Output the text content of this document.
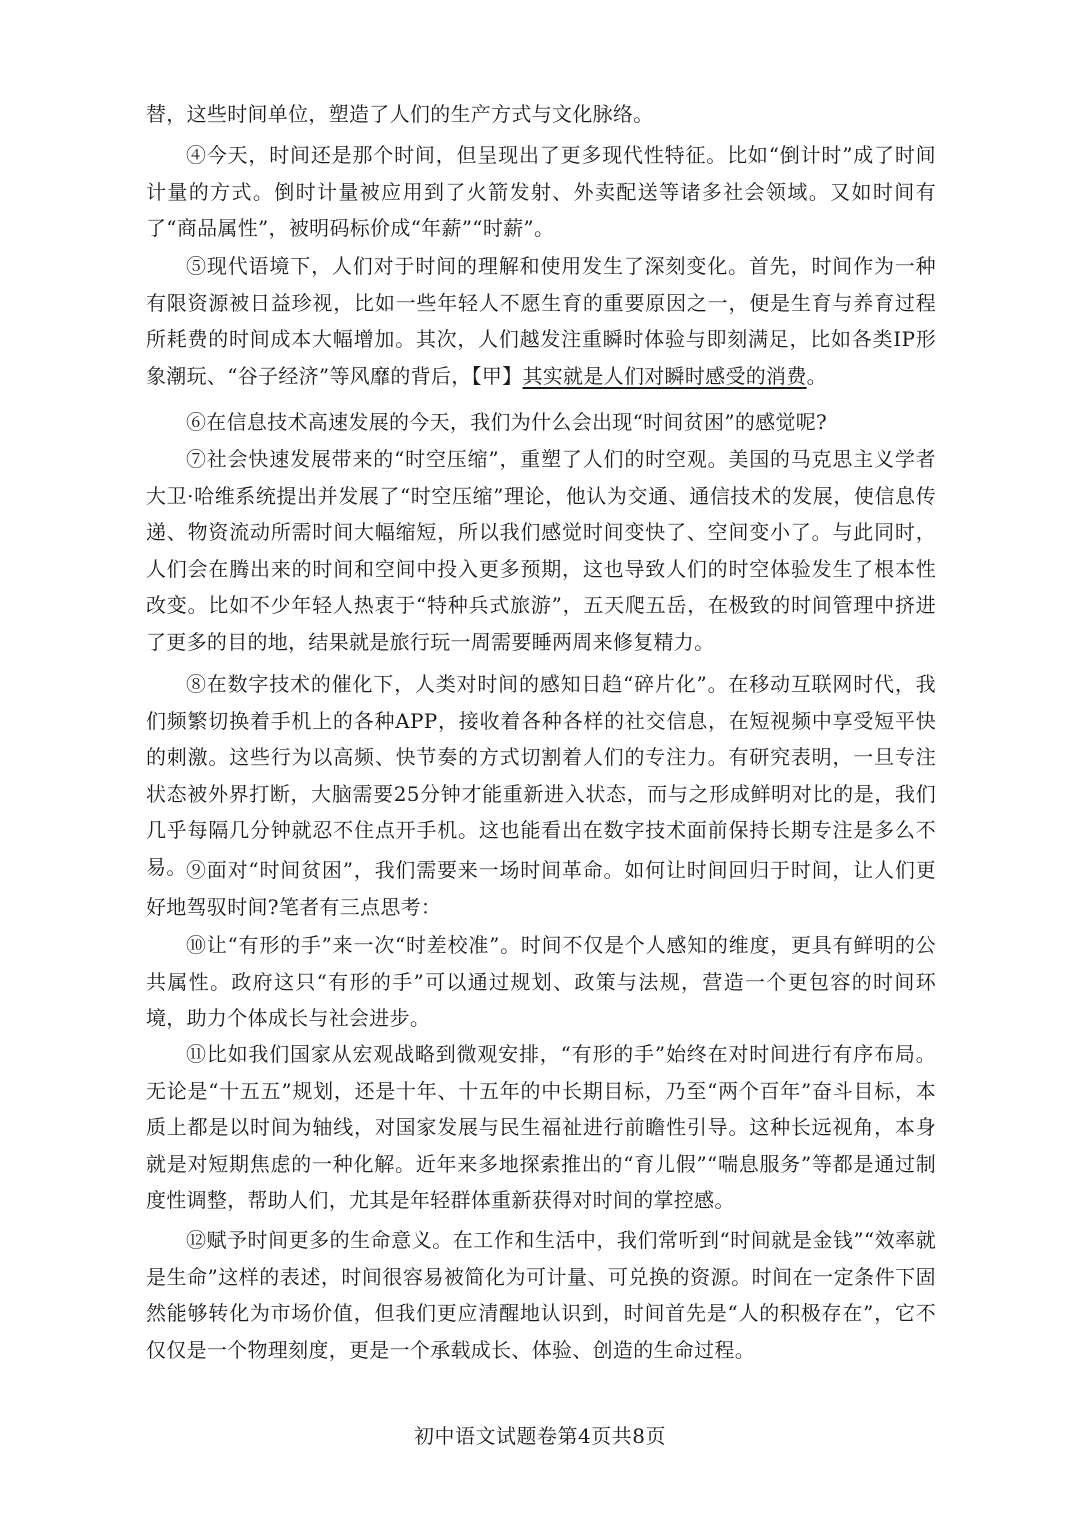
替，这些时间单位，塑造了人们的生产方式与文化脉络。

④今天，时间还是那个时间，但呈现出了更多现代性特征。比如“倒计时”成了时间计量的方式。倒时计量被应用到了火箭发射、外卖配送等诸多社会领域。又如时间有了“商品属性”，被明码标价成“年薪”“时薪”。

⑤现代语境下，人们对于时间的理解和使用发生了深刻变化。首先，时间作为一种有限资源被日益珍视，比如一些年轻人不愿生育的重要原因之一，便是生育与养育过程所耗费的时间成本大幅增加。其次，人们越发注重瞬时体验与即刻满足，比如各类IP形象潮玩、“谷子经济”等风靡的背后，【甲】其实就是人们对瞬时感受的消费。

⑥在信息技术高速发展的今天，我们为什么会出现“时间贫困”的感觉呢?

⑦社会快速发展带来的“时空压缩”，重塑了人们的时空观。美国的马克思主义学者大卫·哈维系统提出并发展了“时空压缩”理论，他认为交通、通信技术的发展，使信息传递、物资流动所需时间大幅缩短，所以我们感觉时间变快了、空间变小了。与此同时，人们会在腾出来的时间和空间中投入更多预期，这也导致人们的时空体验发生了根本性改变。比如不少年轻人热衷于“特种兵式旅游”，五天爬五岳，在极致的时间管理中挤进了更多的目的地，结果就是旅行玩一周需要睡两周来修复精力。

⑧在数字技术的催化下，人类对时间的感知日趋“碎片化”。在移动互联网时代，我们频繁切换着手机上的各种APP，接收着各种各样的社交信息，在短视频中享受短平快的刺激。这些行为以高频、快节奏的方式切割着人们的专注力。有研究表明，一旦专注状态被外界打断，大脑需要25分钟才能重新进入状态，而与之形成鲜明对比的是，我们几乎每隔几分钟就忍不住点开手机。这也能看出在数字技术面前保持长期专注是多么不易。 ⑨面对“时间贫困”，我们需要来一场时间革命。如何让时间回归于时间，让人们更好地驾驭时间?笔者有三点思考：

⑩让“有形的手”来一次“时差校准”。时间不仅是个人感知的维度，更具有鲜明的公共属性。政府这只“有形的手”可以通过规划、政策与法规，营造一个更包容的时间环境，助力个体成长与社会进步。

⑪比如我们国家从宏观战略到微观安排，“有形的手”始终在对时间进行有序布局。无论是“十五五”规划，还是十年、十五年的中长期目标，乃至“两个百年”奋斗目标，本质上都是以时间为轴线，对国家发展与民生福祉进行前瞻性引导。这种长远视角，本身就是对短期焦虑的一种化解。近年来多地探索推出的“育儿假”“喘息服务”等都是通过制度性调整，帮助人们，尤其是年轻群体重新获得对时间的掌控感。

⑫赋予时间更多的生命意义。在工作和生活中，我们常听到“时间就是金钱”“效率就是生命”这样的表述，时间很容易被简化为可计量、可兑换的资源。时间在一定条件下固然能够转化为市场价值，但我们更应清醒地认识到，时间首先是“人的积极存在”，它不仅仅是一个物理刻度，更是一个承载成长、体验、创造的生命过程。

初中语文试题卷第4页共8页
